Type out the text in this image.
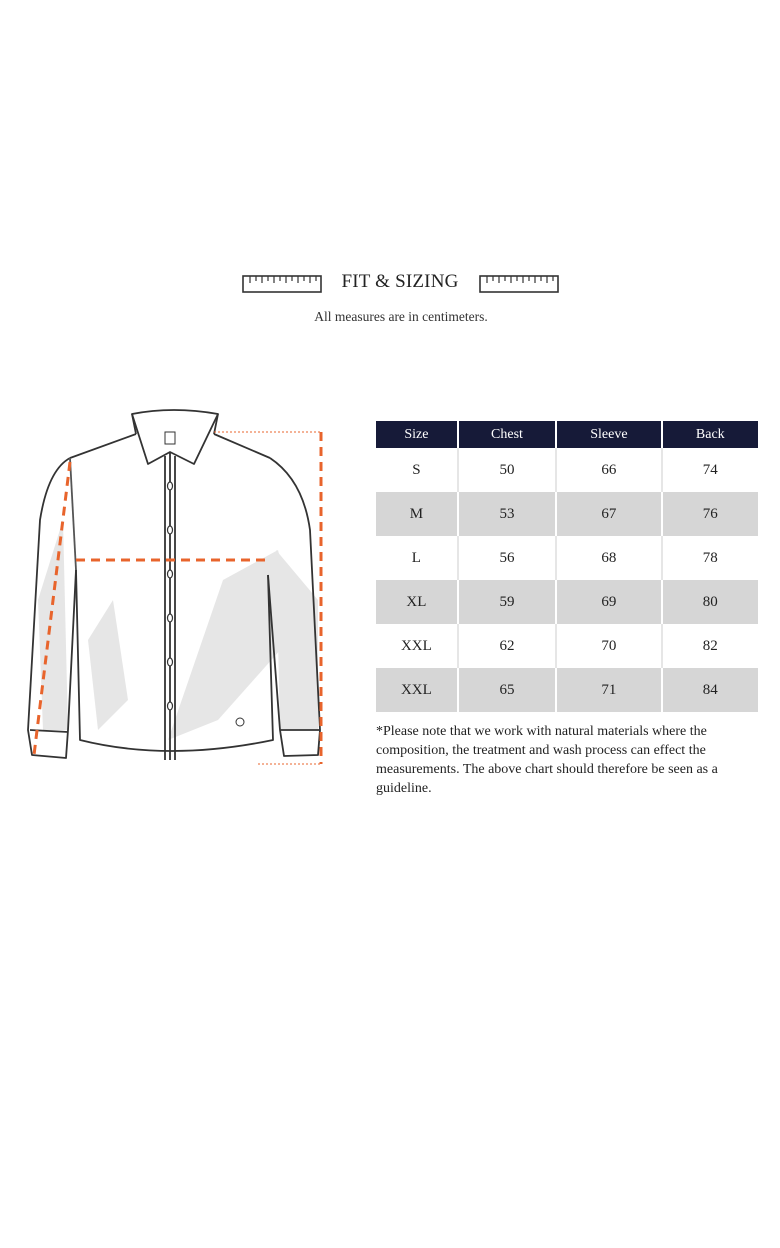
FIT & SIZING
All measures are in centimeters.
Size	Chest	Sleeve	Back
S	50	66	74
M	53	67	76
L	56	68	78
XL	59	69	80
XXL	62	70	82
XXL	65	71	84
*Please note that we work with natural materials where the composition, the treatment and wash process can effect the measurements. The above chart should therefore be seen as a guideline.
